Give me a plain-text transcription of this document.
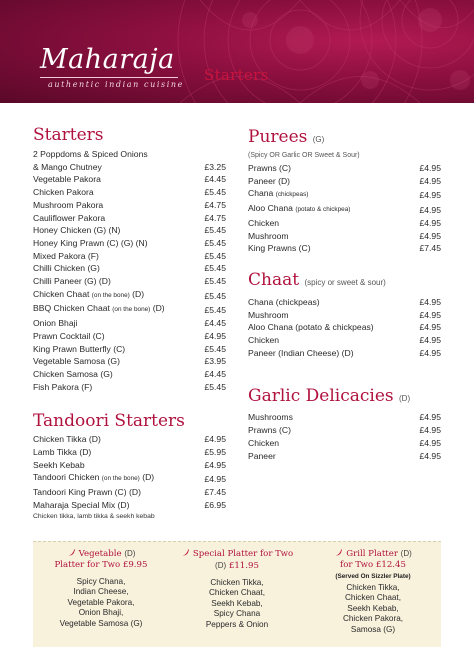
Maharaja
authentic indian cuisine
Starters
Starters
2 Poppdoms & Spiced Onions
& Mango Chutney	£3.25
Vegetable Pakora	£4.45
Chicken Pakora	£5.45
Mushroom Pakora	£4.75
Cauliflower Pakora	£4.75
Honey Chicken (G) (N)	£5.45
Honey King Prawn (C) (G) (N)	£5.45
Mixed Pakora (F)	£5.45
Chilli Chicken (G)	£5.45
Chilli Paneer (G) (D)	£5.45
Chicken Chaat (on the bone) (D)	£5.45
BBQ Chicken Chaat (on the bone) (D)	£5.45
Onion Bhaji	£4.45
Prawn Cocktail (C)	£4.95
King Prawn Butterfly (C)	£5.45
Vegetable Samosa (G)	£3.95
Chicken Samosa (G)	£4.45
Fish Pakora (F)	£5.45
Tandoori Starters
Chicken Tikka (D)	£4.95
Lamb Tikka (D)	£5.95
Seekh Kebab	£4.95
Tandoori Chicken (on the bone) (D)	£4.95
Tandoori King Prawn (C) (D)	£7.45
Maharaja Special Mix (D)	£6.95
Chicken tikka, lamb tikka & seekh kebab
Purees (G)
(Spicy OR Garlic OR Sweet & Sour)
Prawns (C)	£4.95
Paneer (D)	£4.95
Chana (chickpeas)	£4.95
Aloo Chana (potato & chickpea)	£4.95
Chicken	£4.95
Mushroom	£4.95
King Prawns (C)	£7.45
Chaat (spicy or sweet & sour)
Chana (chickpeas)	£4.95
Mushroom	£4.95
Aloo Chana (potato & chickpeas)	£4.95
Chicken	£4.95
Paneer (Indian Cheese) (D)	£4.95
Garlic Delicacies (D)
Mushrooms	£4.95
Prawns (C)	£4.95
Chicken	£4.95
Paneer	£4.95
Vegetable (D)
Platter for Two £9.95
Spicy Chana,
Indian Cheese,
Vegetable Pakora,
Onion Bhaji,
Vegetable Samosa (G)
Special Platter for Two
(D) £11.95
Chicken Tikka,
Chicken Chaat,
Seekh Kebab,
Spicy Chana
Peppers & Onion
Grill Platter (D)
for Two £12.45
(Served On Sizzler Plate)
Chicken Tikka,
Chicken Chaat,
Seekh Kebab,
Chicken Pakora,
Samosa (G)
